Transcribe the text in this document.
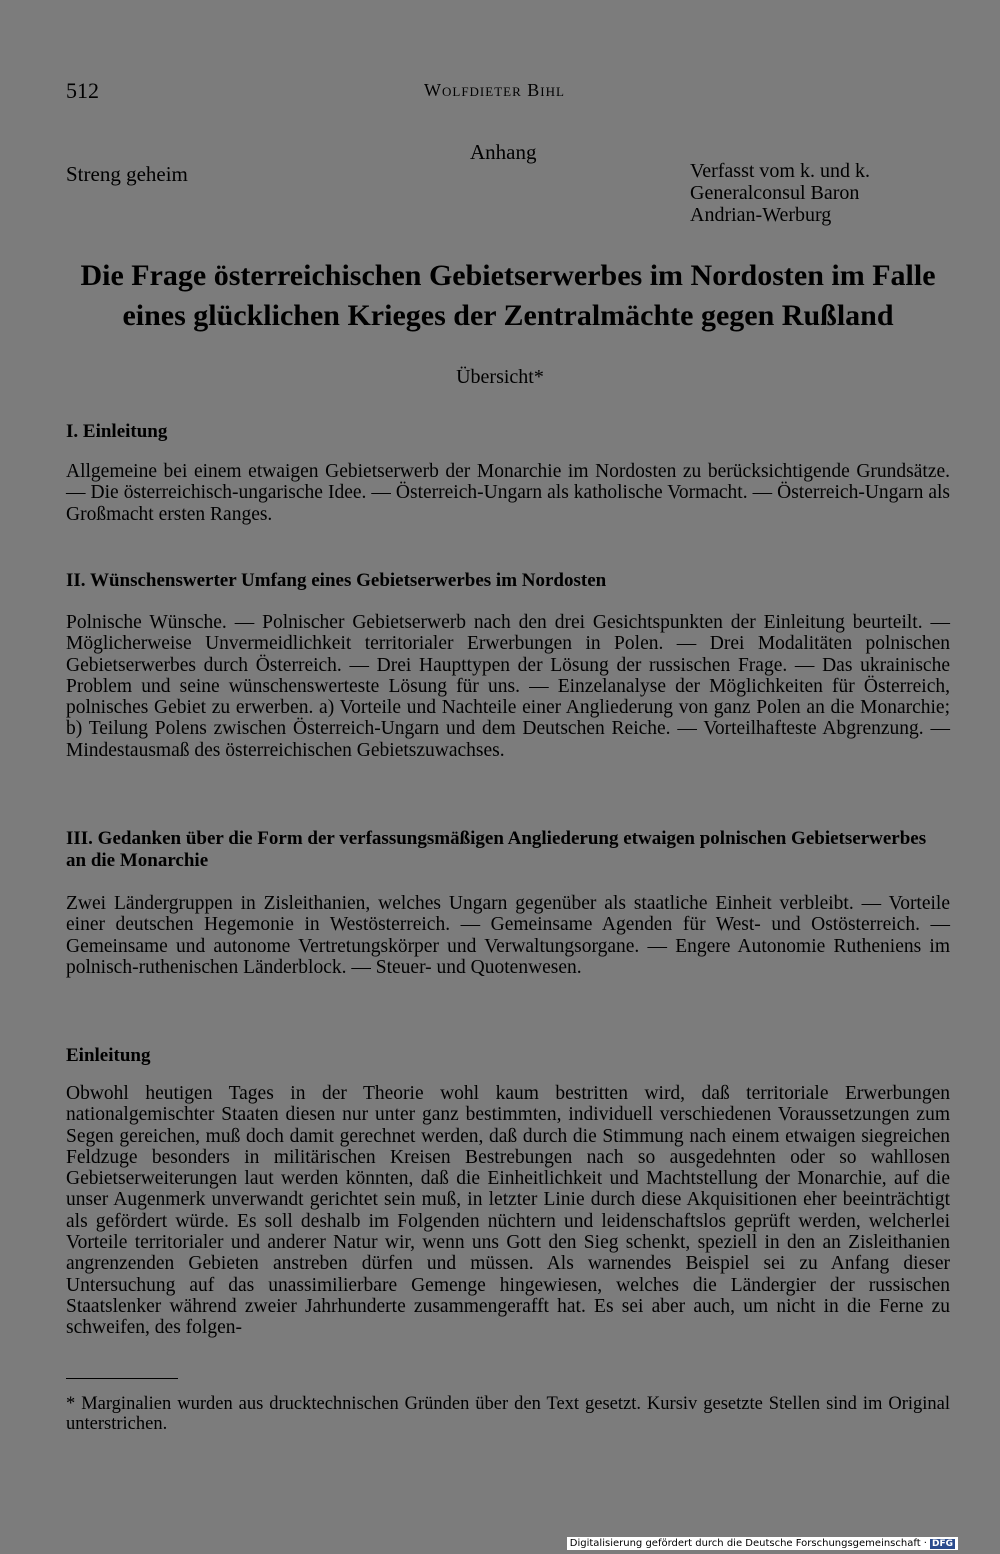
512	Wolfdieter Bihl
Anhang
Streng geheim	Verfasst vom k. und k.
Generalconsul Baron
Andrian-Werburg
Die Frage österreichischen Gebietserwerbes im Nordosten im Falle eines glücklichen Krieges der Zentralmächte gegen Rußland
Übersicht*
I. Einleitung
Allgemeine bei einem etwaigen Gebietserwerb der Monarchie im Nordosten zu berücksichtigende Grundsätze. — Die österreichisch-ungarische Idee. — Österreich-Ungarn als katholische Vormacht. — Österreich-Ungarn als Großmacht ersten Ranges.
II. Wünschenswerter Umfang eines Gebietserwerbes im Nordosten
Polnische Wünsche. — Polnischer Gebietserwerb nach den drei Gesichtspunkten der Einleitung beurteilt. — Möglicherweise Unvermeidlichkeit territorialer Erwerbungen in Polen. — Drei Modalitäten polnischen Gebietserwerbes durch Österreich. — Drei Haupttypen der Lösung der russischen Frage. — Das ukrainische Problem und seine wünschenswerteste Lösung für uns. — Einzelanalyse der Möglichkeiten für Österreich, polnisches Gebiet zu erwerben. a) Vorteile und Nachteile einer Angliederung von ganz Polen an die Monarchie; b) Teilung Polens zwischen Österreich-Ungarn und dem Deutschen Reiche. — Vorteilhafteste Abgrenzung. — Mindestausmaß des österreichischen Gebietszuwachses.
III. Gedanken über die Form der verfassungsmäßigen Angliederung etwaigen polnischen Gebietserwerbes an die Monarchie
Zwei Ländergruppen in Zisleithanien, welches Ungarn gegenüber als staatliche Einheit verbleibt. — Vorteile einer deutschen Hegemonie in Westösterreich. — Gemeinsame Agenden für West- und Ostösterreich. — Gemeinsame und autonome Vertretungskörper und Verwaltungsorgane. — Engere Autonomie Rutheniens im polnisch-ruthenischen Länderblock. — Steuer- und Quotenwesen.
Einleitung
Obwohl heutigen Tages in der Theorie wohl kaum bestritten wird, daß territoriale Erwerbungen nationalgemischter Staaten diesen nur unter ganz bestimmten, individuell verschiedenen Voraussetzungen zum Segen gereichen, muß doch damit gerechnet werden, daß durch die Stimmung nach einem etwaigen siegreichen Feldzuge besonders in militärischen Kreisen Bestrebungen nach so ausgedehnten oder so wahllosen Gebietserweiterungen laut werden könnten, daß die Einheitlichkeit und Machtstellung der Monarchie, auf die unser Augenmerk unverwandt gerichtet sein muß, in letzter Linie durch diese Akquisitionen eher beeinträchtigt als gefördert würde. Es soll deshalb im Folgenden nüchtern und leidenschaftslos geprüft werden, welcherlei Vorteile territorialer und anderer Natur wir, wenn uns Gott den Sieg schenkt, speziell in den an Zisleithanien angrenzenden Gebieten anstreben dürfen und müssen. Als warnendes Beispiel sei zu Anfang dieser Untersuchung auf das unassimilierbare Gemenge hingewiesen, welches die Ländergier der russischen Staatslenker während zweier Jahrhunderte zusammengerafft hat. Es sei aber auch, um nicht in die Ferne zu schweifen, des folgen-
* Marginalien wurden aus drucktechnischen Gründen über den Text gesetzt. Kursiv gesetzte Stellen sind im Original unterstrichen.
Digitalisierung gefördert durch die Deutsche Forschungsgemeinschaft · DFG
